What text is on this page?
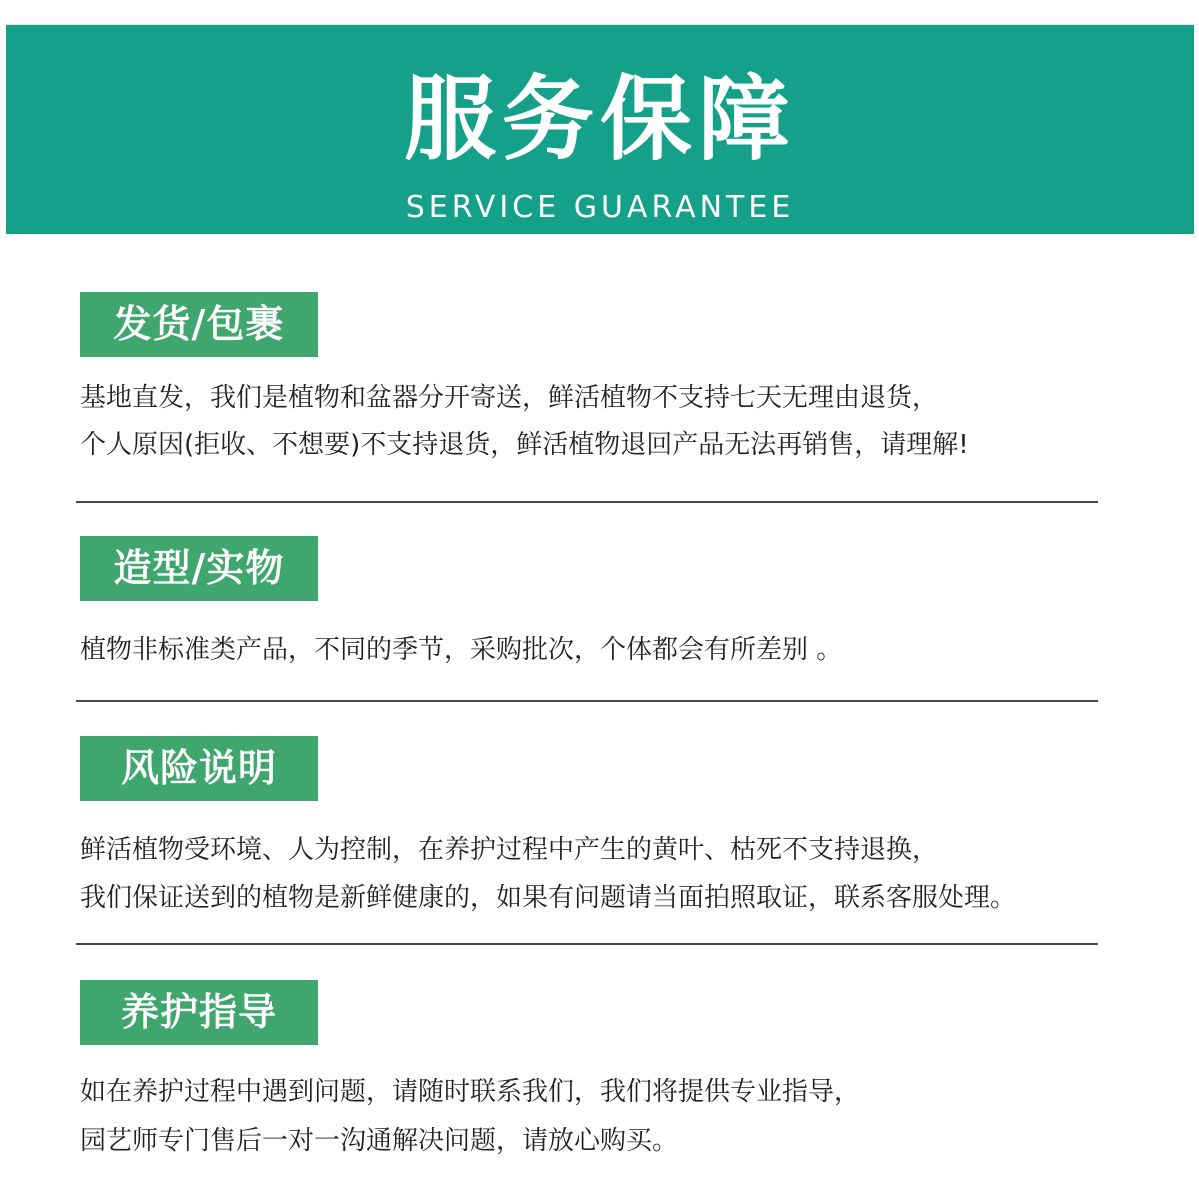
服务保障
SERVICE GUARANTEE
发货/包裹
基地直发，我们是植物和盆器分开寄送，鲜活植物不支持七天无理由退货，
个人原因(拒收、不想要)不支持退货，鲜活植物退回产品无法再销售，请理解!
造型/实物
植物非标准类产品，不同的季节，采购批次，个体都会有所差别 。
风险说明
鲜活植物受环境、人为控制，在养护过程中产生的黄叶、枯死不支持退换，
我们保证送到的植物是新鲜健康的，如果有问题请当面拍照取证，联系客服处理。
养护指导
如在养护过程中遇到问题，请随时联系我们，我们将提供专业指导，
园艺师专门售后一对一沟通解决问题，请放心购买。
